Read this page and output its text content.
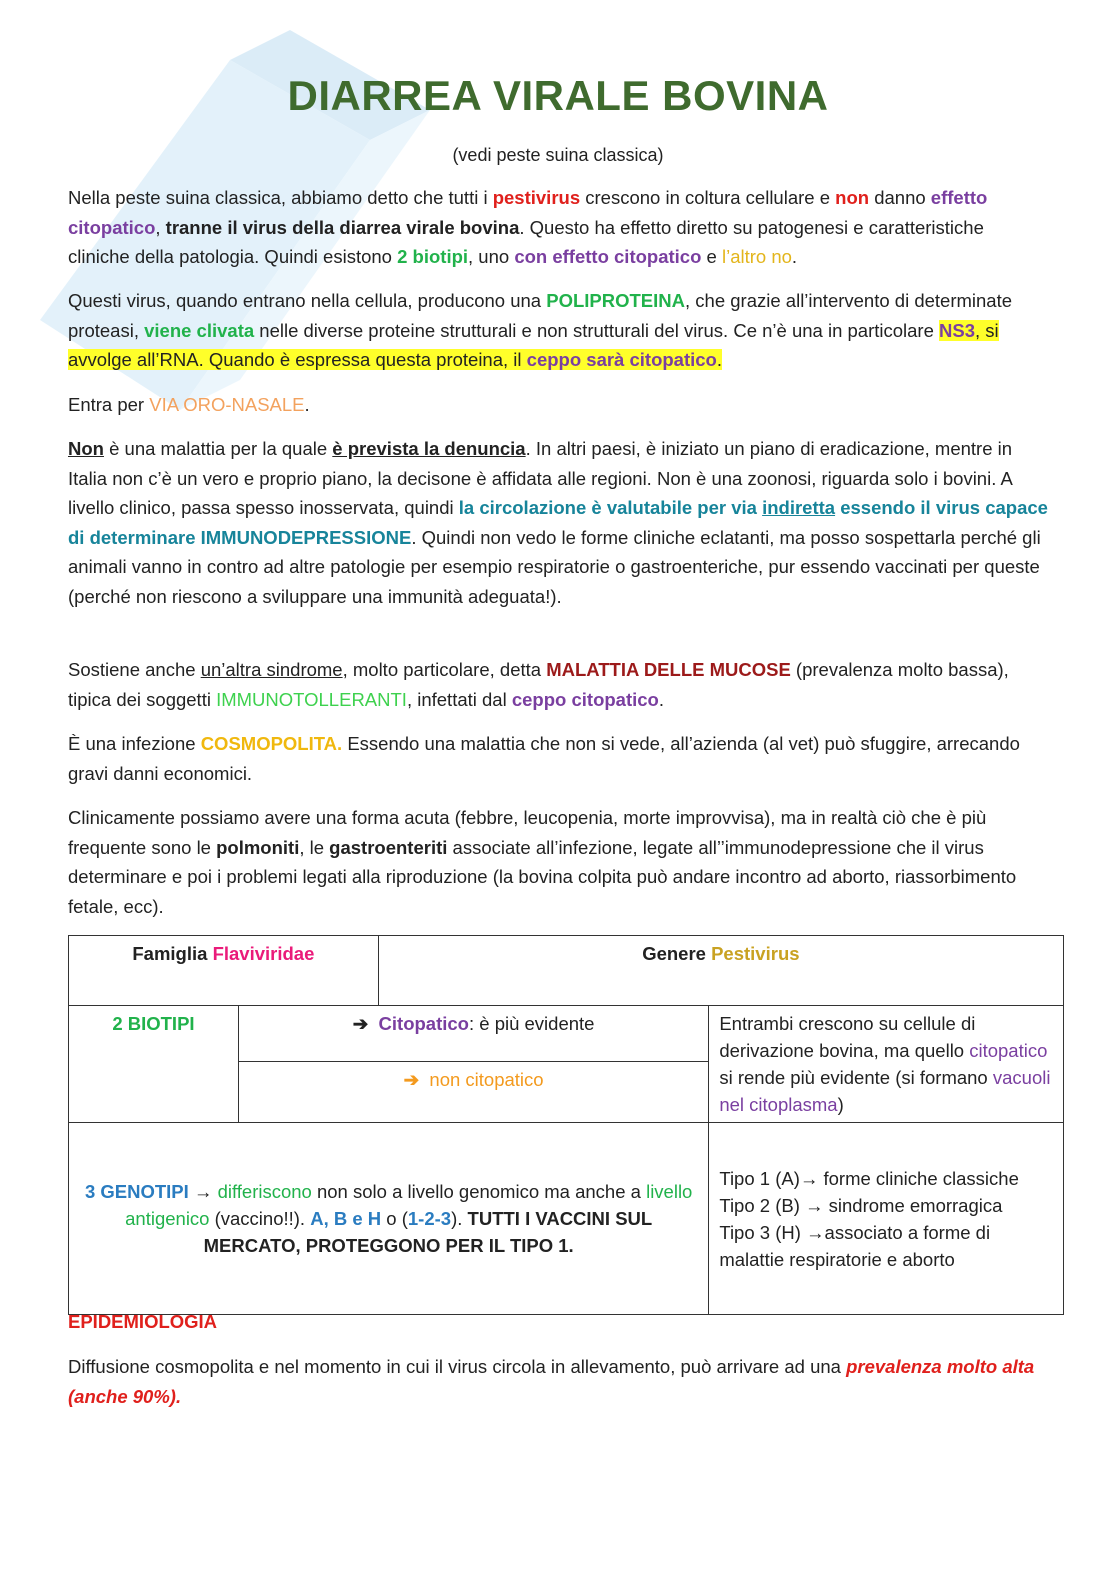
DIARREA VIRALE BOVINA
(vedi peste suina classica)

Nella peste suina classica, abbiamo detto che tutti i pestivirus crescono in coltura cellulare e non danno effetto citopatico, tranne il virus della diarrea virale bovina. Questo ha effetto diretto su patogenesi e caratteristiche cliniche della patologia. Quindi esistono 2 biotipi, uno con effetto citopatico e l’altro no.

Questi virus, quando entrano nella cellula, producono una POLIPROTEINA, che grazie all’intervento di determinate proteasi, viene clivata nelle diverse proteine strutturali e non strutturali del virus. Ce n’è una in particolare NS3, si avvolge all’RNA. Quando è espressa questa proteina, il ceppo sarà citopatico.

Entra per VIA ORO-NASALE.

Non è una malattia per la quale è prevista la denuncia. In altri paesi, è iniziato un piano di eradicazione, mentre in Italia non c’è un vero e proprio piano, la decisone è affidata alle regioni. Non è una zoonosi, riguarda solo i bovini. A livello clinico, passa spesso inosservata, quindi la circolazione è valutabile per via indiretta essendo il virus capace di determinare IMMUNODEPRESSIONE. Quindi non vedo le forme cliniche eclatanti, ma posso sospettarla perché gli animali vanno in contro ad altre patologie per esempio respiratorie o gastroenteriche, pur essendo vaccinati per queste (perché non riescono a sviluppare una immunità adeguata!).

Sostiene anche un’altra sindrome, molto particolare, detta MALATTIA DELLE MUCOSE (prevalenza molto bassa), tipica dei soggetti IMMUNOTOLLERANTI, infettati dal ceppo citopatico.

È una infezione COSMOPOLITA. Essendo una malattia che non si vede, all’azienda (al vet) può sfuggire, arrecando gravi danni economici.

Clinicamente possiamo avere una forma acuta (febbre, leucopenia, morte improvvisa), ma in realtà ciò che è più frequente sono le polmoniti, le gastroenteriti associate all’infezione, legate all’’immunodepressione che il virus determinare e poi i problemi legati alla riproduzione (la bovina colpita può andare incontro ad aborto, riassorbimento fetale, ecc).

Famiglia Flaviviridae		Genere Pestivirus	
2 BIOTIPI	➔ Citopatico: è più evidente		Entrambi crescono su cellule di derivazione bovina, ma quello citopatico si rende più evidente (si formano vacuoli nel citoplasma)
	➔ non citopatico		
3 GENOTIPI → differiscono non solo a livello genomico ma anche a livello antigenico (vaccino!!). A, B e H o (1-2-3). TUTTI I VACCINI SUL MERCATO, PROTEGGONO PER IL TIPO 1.			Tipo 1 (A)→ forme cliniche classiche
Tipo 2 (B) → sindrome emorragica
Tipo 3 (H) →associato a forme di malattie respiratorie e aborto
EPIDEMIOLOGIA

Diffusione cosmopolita e nel momento in cui il virus circola in allevamento, può arrivare ad una prevalenza molto alta (anche 90%).
